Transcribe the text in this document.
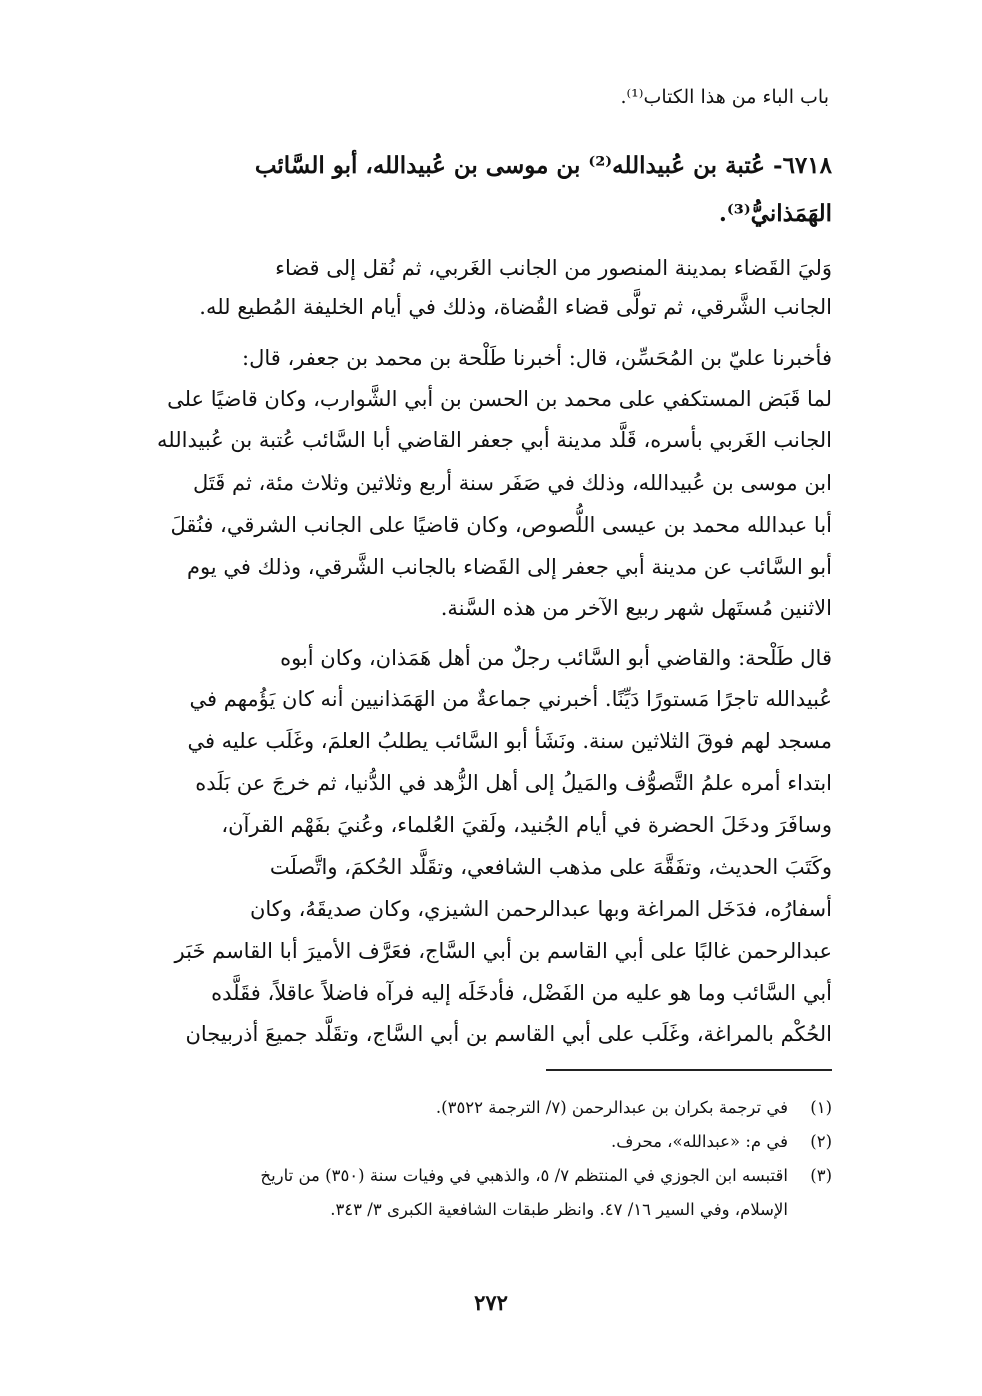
باب الباء من هذا الكتاب⁽¹⁾.
٦٧١٨- عُتبة بن عُبيدالله⁽²⁾ بن موسى بن عُبيدالله، أبو السَّائب
الهَمَذانيُّ⁽³⁾.
وَليَ القَضاء بمدينة المنصور من الجانب الغَربي، ثم نُقل إلى قضاء
الجانب الشَّرقي، ثم تولَّى قضاء القُضاة، وذلك في أيام الخليفة المُطيع لله.
فأخبرنا عليّ بن المُحَسِّن، قال: أخبرنا طَلْحة بن محمد بن جعفر، قال:
لما قَبَض المستكفي على محمد بن الحسن بن أبي الشَّوارب، وكان قاضيًا على
الجانب الغَربي بأسره، قَلَّد مدينة أبي جعفر القاضي أبا السَّائب عُتبة بن عُبيدالله
ابن موسى بن عُبيدالله، وذلك في صَفَر سنة أربع وثلاثين وثلاث مئة، ثم قَتَل
أبا عبدالله محمد بن عيسى اللُّصوص، وكان قاضيًا على الجانب الشرقي، فنُقلَ
أبو السَّائب عن مدينة أبي جعفر إلى القَضاء بالجانب الشَّرقي، وذلك في يوم
الاثنين مُستَهل شهر ربيع الآخر من هذه السَّنة.
قال طَلْحة: والقاضي أبو السَّائب رجلٌ من أهل هَمَذان، وكان أبوه
عُبيدالله تاجرًا مَستورًا دَيِّنًا. أخبرني جماعةٌ من الهَمَذانيين أنه كان يَؤُمهم في
مسجد لهم فوقَ الثلاثين سنة. ونَشَأ أبو السَّائب يطلبُ العلمَ، وغَلَب عليه في
ابتداء أمره علمُ التَّصوُّف والمَيلُ إلى أهل الزُّهد في الدُّنيا، ثم خرجَ عن بَلَده
وسافَرَ ودخَلَ الحضرة في أيام الجُنيد، ولَقيَ العُلماء، وعُنيَ بفَهْم القرآن،
وكَتَبَ الحديث، وتفَقَّهَ على مذهب الشافعي، وتقَلَّد الحُكمَ، واتَّصلَت
أسفارُه، فدَخَل المراغة وبها عبدالرحمن الشيزي، وكان صديقَهُ، وكان
عبدالرحمن غالبًا على أبي القاسم بن أبي السَّاج، فعَرَّف الأميرَ أبا القاسم خَبَر
أبي السَّائب وما هو عليه من الفَضْل، فأدخَلَه إليه فرآه فاضلاً عاقلاً، فقَلَّده
الحُكْم بالمراغة، وغَلَب على أبي القاسم بن أبي السَّاج، وتقَلَّد جميعَ أذربيجان
(١)في ترجمة بكران بن عبدالرحمن (٧/ الترجمة ٣٥٢٢).
(٢)في م: «عبدالله»، محرف.
(٣)اقتبسه ابن الجوزي في المنتظم ٧/ ٥، والذهبي في وفيات سنة (٣٥٠) من تاريخ
الإسلام، وفي السير ١٦/ ٤٧. وانظر طبقات الشافعية الكبرى ٣/ ٣٤٣.
٢٧٢
